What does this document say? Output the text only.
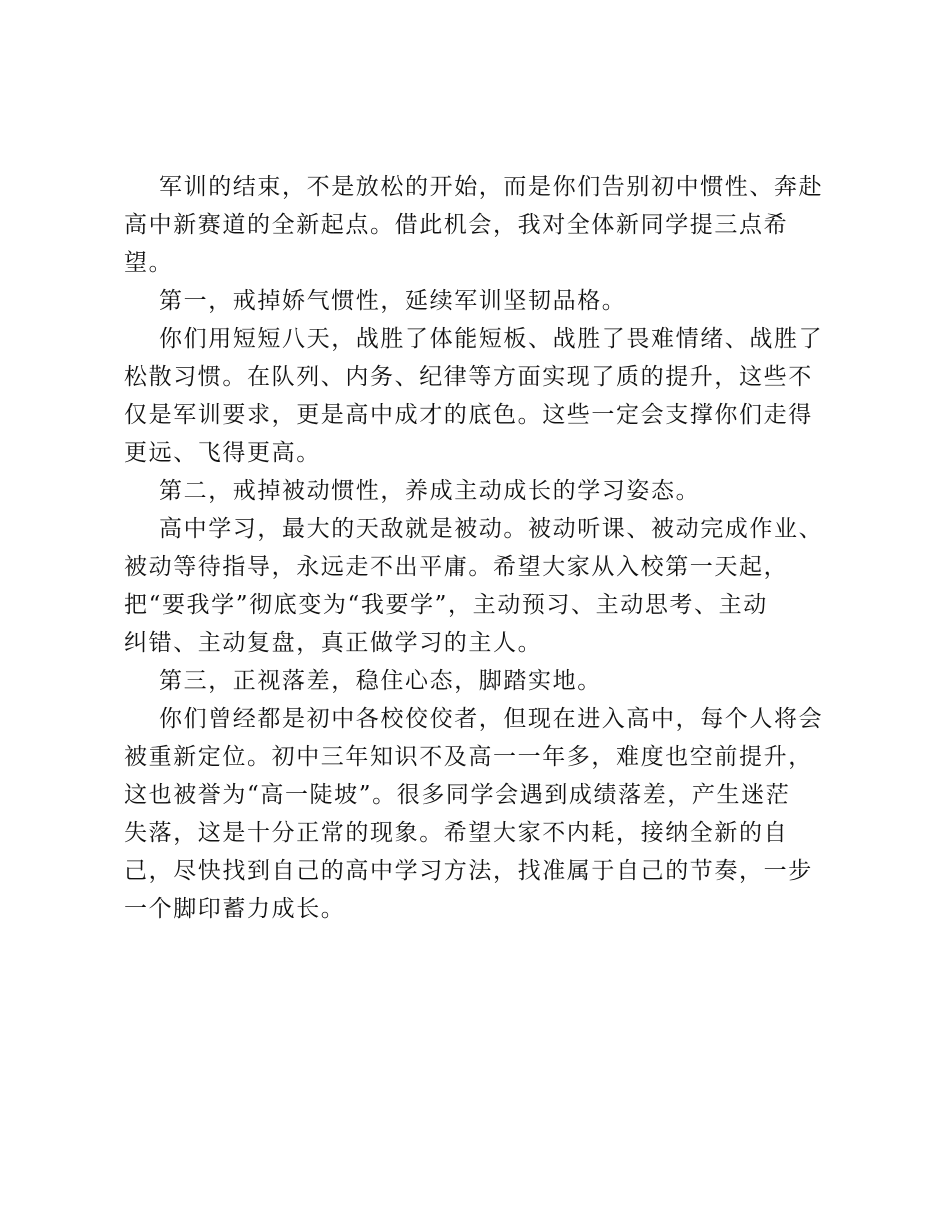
军训的结束，不是放松的开始，而是你们告别初中惯性、奔赴
高中新赛道的全新起点。借此机会，我对全体新同学提三点希
望。
第一，戒掉娇气惯性，延续军训坚韧品格。
你们用短短八天，战胜了体能短板、战胜了畏难情绪、战胜了
松散习惯。在队列、内务、纪律等方面实现了质的提升，这些不
仅是军训要求，更是高中成才的底色。这些一定会支撑你们走得
更远、飞得更高。
第二，戒掉被动惯性，养成主动成长的学习姿态。
高中学习，最大的天敌就是被动。被动听课、被动完成作业、
被动等待指导，永远走不出平庸。希望大家从入校第一天起，
把“要我学”彻底变为“我要学”，主动预习、主动思考、主动
纠错、主动复盘，真正做学习的主人。
第三，正视落差，稳住心态，脚踏实地。
你们曾经都是初中各校佼佼者，但现在进入高中，每个人将会
被重新定位。初中三年知识不及高一一年多，难度也空前提升，
这也被誉为“高一陡坡”。很多同学会遇到成绩落差，产生迷茫
失落，这是十分正常的现象。希望大家不内耗，接纳全新的自
己，尽快找到自己的高中学习方法，找准属于自己的节奏，一步
一个脚印蓄力成长。
